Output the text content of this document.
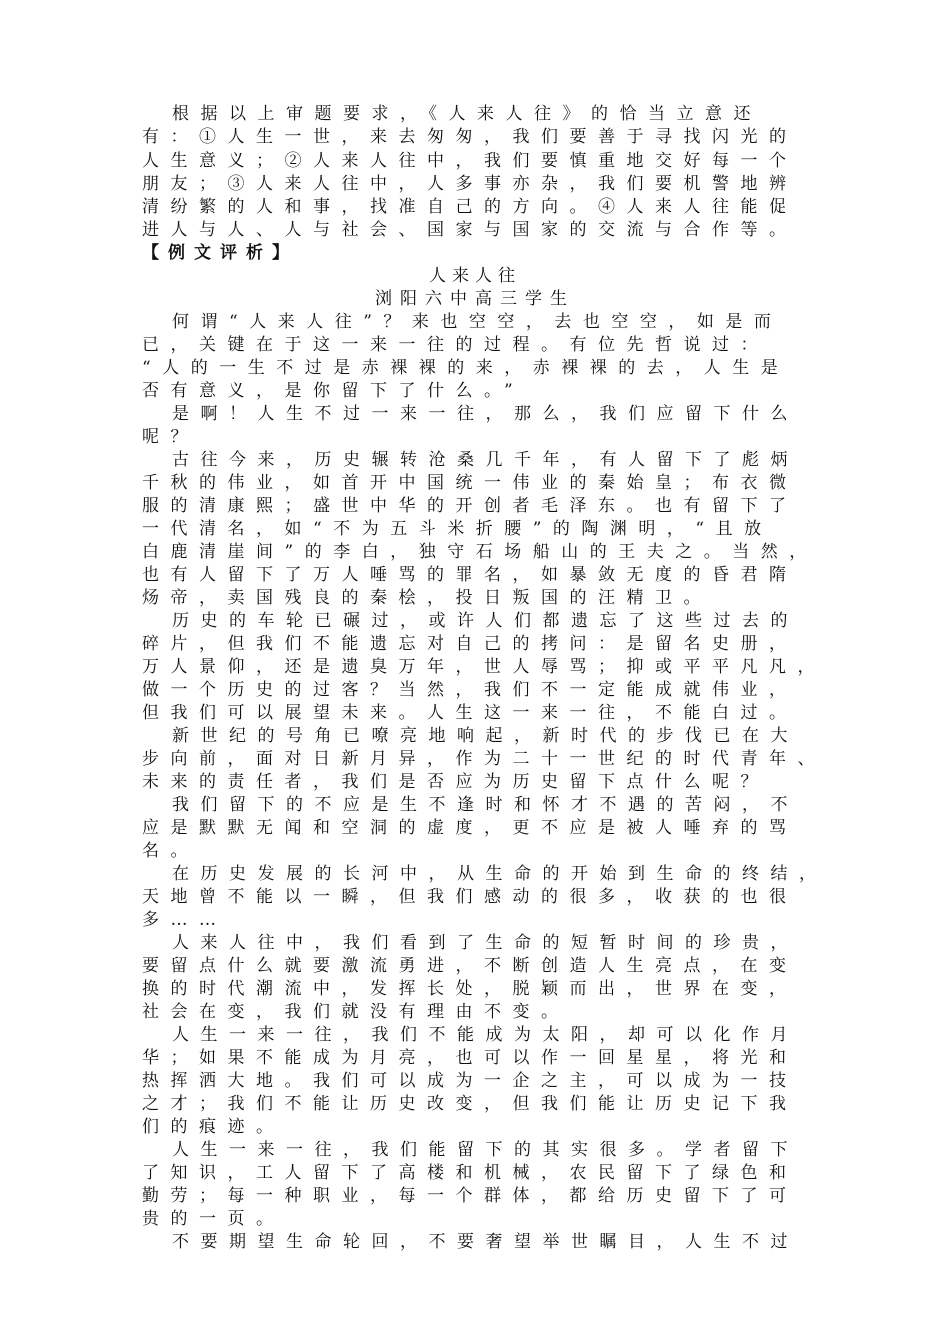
根据以上审题要求，《人来人往》的恰当立意还
有：①人生一世，来去匆匆，我们要善于寻找闪光的
人生意义；②人来人往中，我们要慎重地交好每一个
朋友；③人来人往中，人多事亦杂，我们要机警地辨
清纷繁的人和事，找准自己的方向。④人来人往能促
进人与人、人与社会、国家与国家的交流与合作等。
【例文评析】
人来人往
浏阳六中高三学生
何谓“人来人往”？来也空空，去也空空，如是而
已，关键在于这一来一往的过程。有位先哲说过：
“人的一生不过是赤裸裸的来，赤裸裸的去，人生是
否有意义，是你留下了什么。”
是啊！人生不过一来一往，那么，我们应留下什么
呢？
古往今来，历史辗转沧桑几千年，有人留下了彪炳
千秋的伟业，如首开中国统一伟业的秦始皇；布衣微
服的清康熙；盛世中华的开创者毛泽东。也有留下了
一代清名，如“不为五斗米折腰”的陶渊明，“且放
白鹿清崖间”的李白，独守石场船山的王夫之。当然，
也有人留下了万人唾骂的罪名，如暴敛无度的昏君隋
炀帝，卖国残良的秦桧，投日叛国的汪精卫。
历史的车轮已碾过，或许人们都遗忘了这些过去的
碎片，但我们不能遗忘对自己的拷问：是留名史册，
万人景仰，还是遗臭万年，世人辱骂；抑或平平凡凡，
做一个历史的过客？当然，我们不一定能成就伟业，
但我们可以展望未来。人生这一来一往，不能白过。
新世纪的号角已嘹亮地响起，新时代的步伐已在大
步向前，面对日新月异，作为二十一世纪的时代青年、
未来的责任者，我们是否应为历史留下点什么呢？
我们留下的不应是生不逢时和怀才不遇的苦闷，不
应是默默无闻和空洞的虚度，更不应是被人唾弃的骂
名。
在历史发展的长河中，从生命的开始到生命的终结，
天地曾不能以一瞬，但我们感动的很多，收获的也很
多……
人来人往中，我们看到了生命的短暂时间的珍贵，
要留点什么就要激流勇进，不断创造人生亮点，在变
换的时代潮流中，发挥长处，脱颖而出，世界在变，
社会在变，我们就没有理由不变。
人生一来一往，我们不能成为太阳，却可以化作月
华；如果不能成为月亮，也可以作一回星星，将光和
热挥洒大地。我们可以成为一企之主，可以成为一技
之才；我们不能让历史改变，但我们能让历史记下我
们的痕迹。
人生一来一往，我们能留下的其实很多。学者留下
了知识，工人留下了高楼和机械，农民留下了绿色和
勤劳；每一种职业，每一个群体，都给历史留下了可
贵的一页。
不要期望生命轮回，不要奢望举世瞩目，人生不过
